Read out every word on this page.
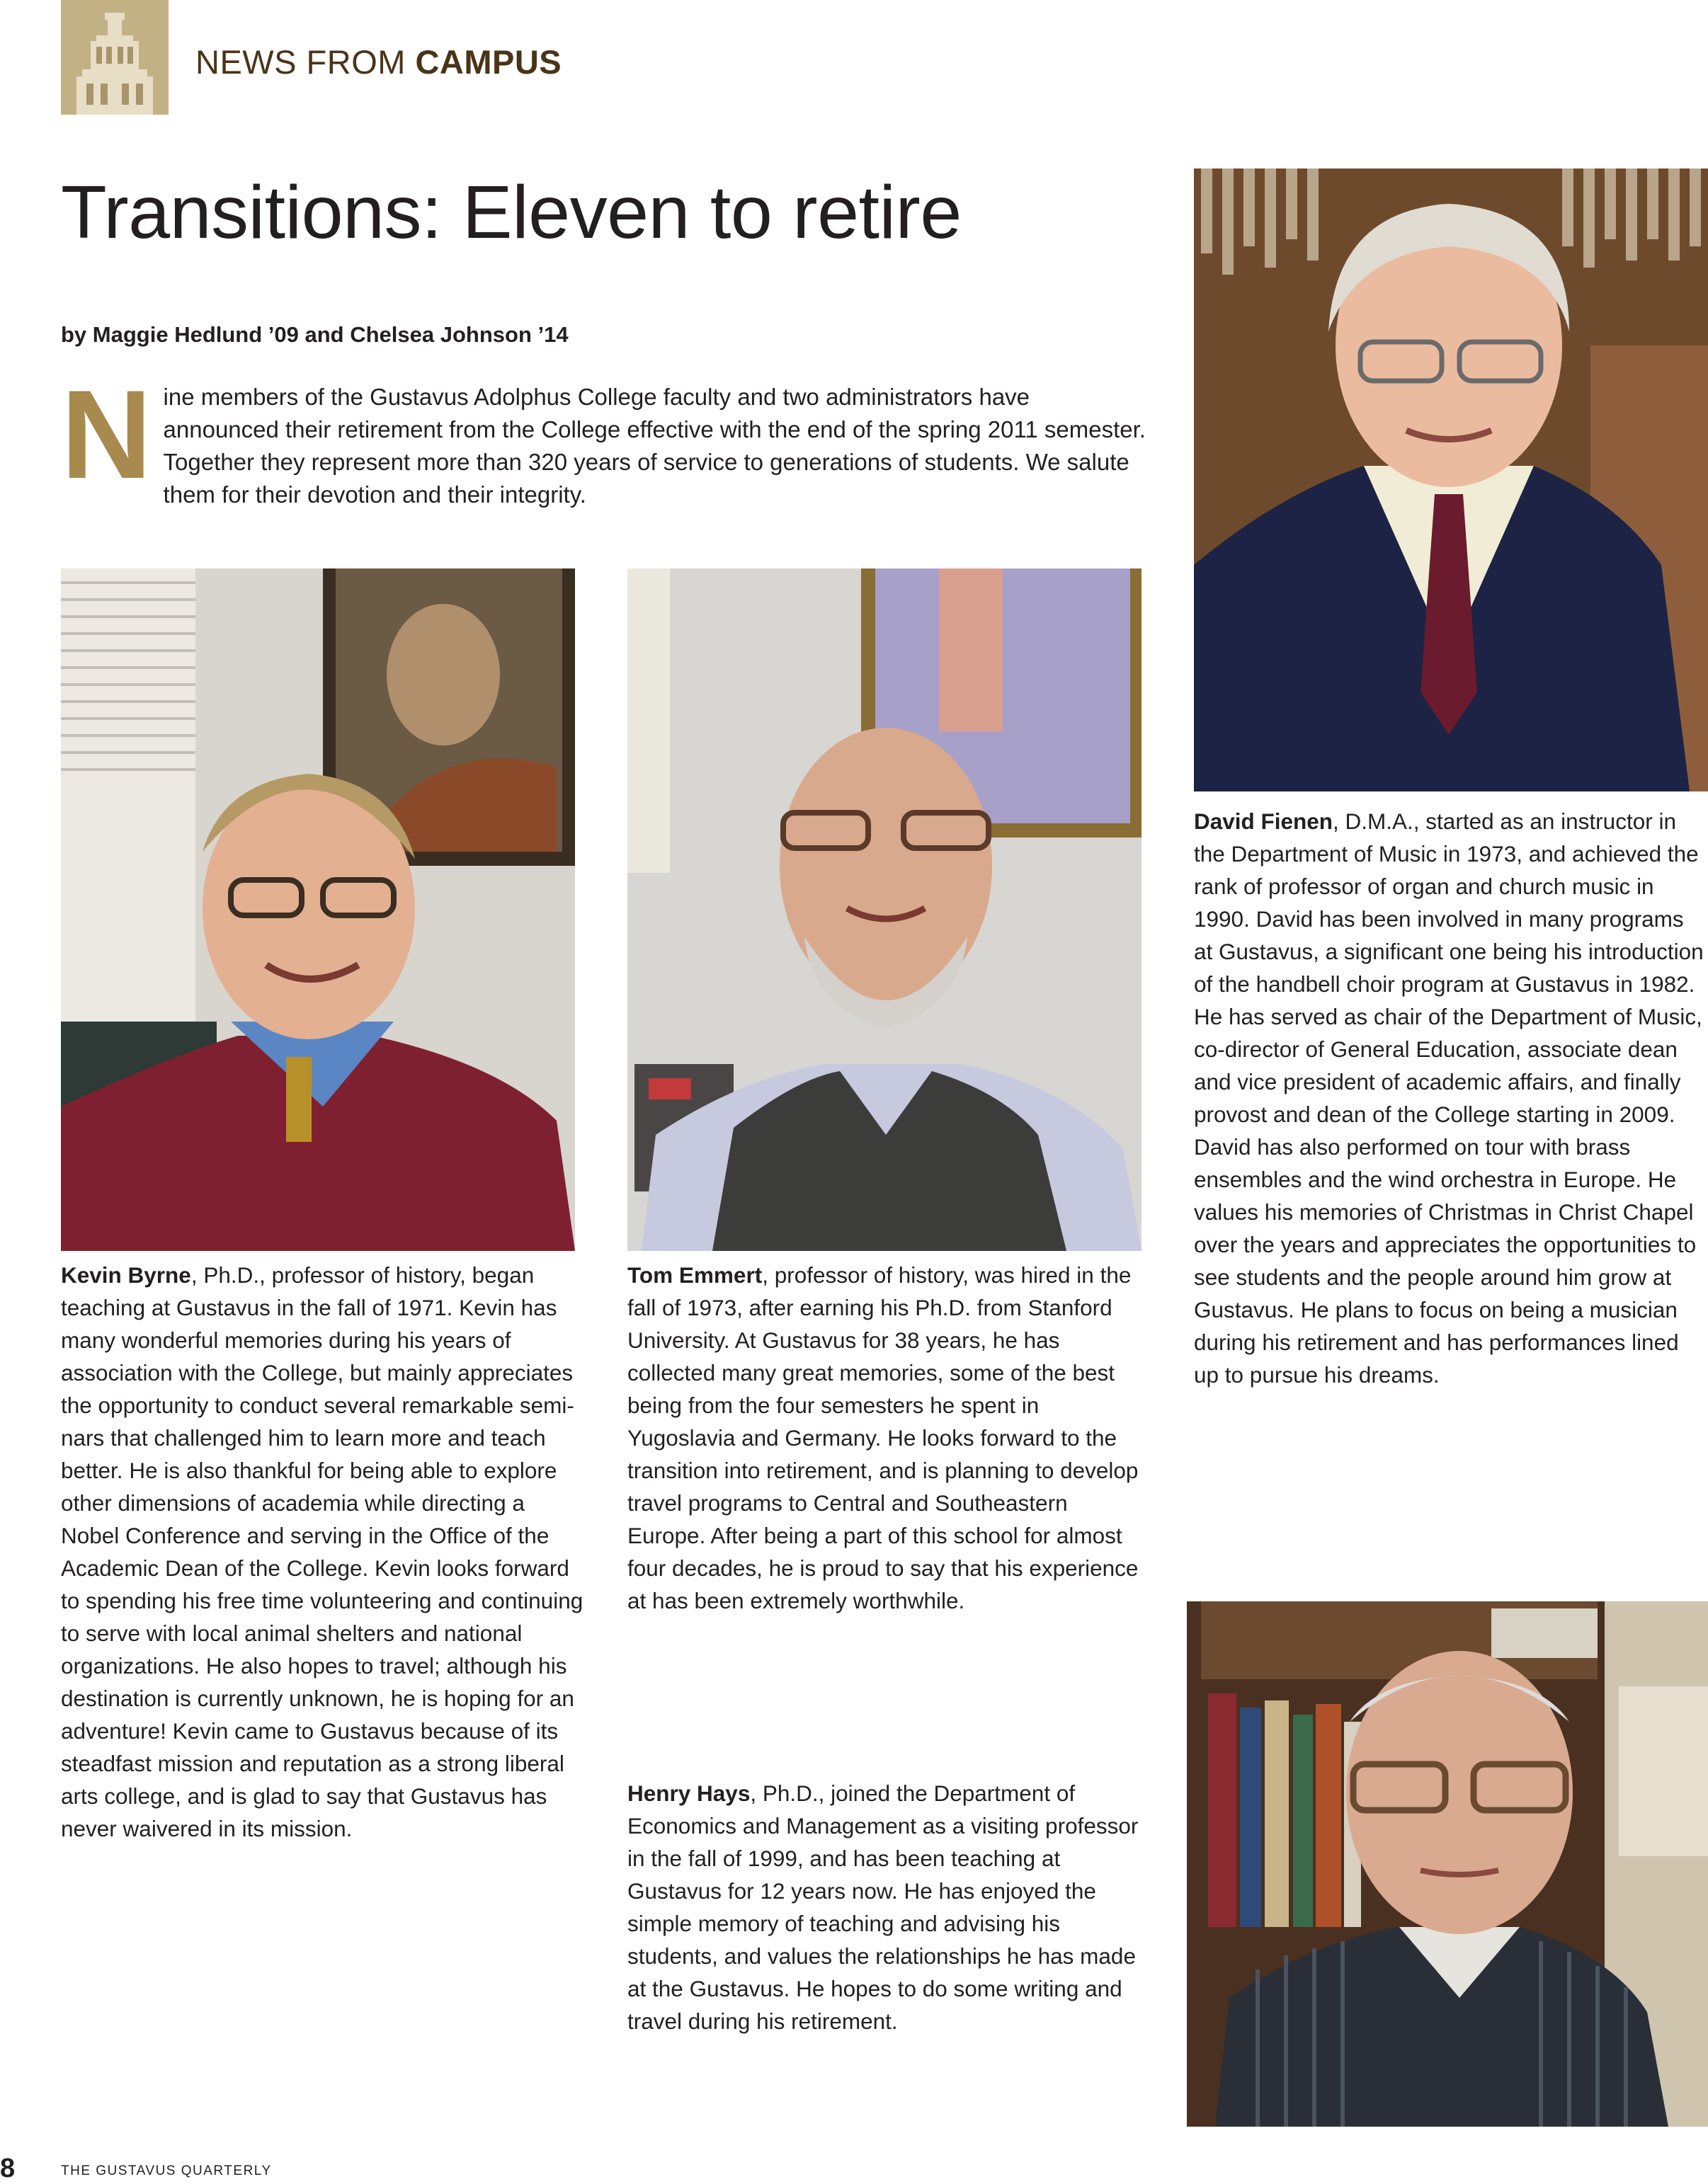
NEWS FROM CAMPUS
Transitions: Eleven to retire
by Maggie Hedlund ’09 and Chelsea Johnson ’14
N ine members of the Gustavus Adolphus College faculty and two administrators have announced their retirement from the College effective with the end of the spring 2011 semester. Together they represent more than 320 years of service to generations of students. We salute them for their devotion and their integrity.
Kevin Byrne, Ph.D., professor of history, began teaching at Gustavus in the fall of 1971. Kevin has many wonderful memories during his years of association with the College, but mainly appreciates the opportunity to conduct several remarkable seminars that challenged him to learn more and teach better. He is also thankful for being able to explore other dimensions of academia while directing a Nobel Conference and serving in the Office of the Academic Dean of the College. Kevin looks forward to spending his free time volunteering and continuing to serve with local animal shelters and national organizations. He also hopes to travel; although his destination is currently unknown, he is hoping for an adventure! Kevin came to Gustavus because of its steadfast mission and reputation as a strong liberal arts college, and is glad to say that Gustavus has never waivered in its mission.
Tom Emmert, professor of history, was hired in the fall of 1973, after earning his Ph.D. from Stanford University. At Gustavus for 38 years, he has collected many great memories, some of the best being from the four semesters he spent in Yugoslavia and Germany. He looks forward to the transition into retirement, and is planning to develop travel programs to Central and Southeastern Europe. After being a part of this school for almost four decades, he is proud to say that his experience at has been extremely worthwhile.
Henry Hays, Ph.D., joined the Department of Economics and Management as a visiting professor in the fall of 1999, and has been teaching at Gustavus for 12 years now. He has enjoyed the simple memory of teaching and advising his students, and values the relationships he has made at the Gustavus. He hopes to do some writing and travel during his retirement.
David Fienen, D.M.A., started as an instructor in the Department of Music in 1973, and achieved the rank of professor of organ and church music in 1990. David has been involved in many programs at Gustavus, a significant one being his introduction of the handbell choir program at Gustavus in 1982. He has served as chair of the Department of Music, co-director of General Education, associate dean and vice president of academic affairs, and finally provost and dean of the College starting in 2009. David has also performed on tour with brass ensembles and the wind orchestra in Europe. He values his memories of Christmas in Christ Chapel over the years and appreciates the opportunities to see students and the people around him grow at Gustavus. He plans to focus on being a musician during his retirement and has performances lined up to pursue his dreams.
8	THE GUSTAVUS QUARTERLY
